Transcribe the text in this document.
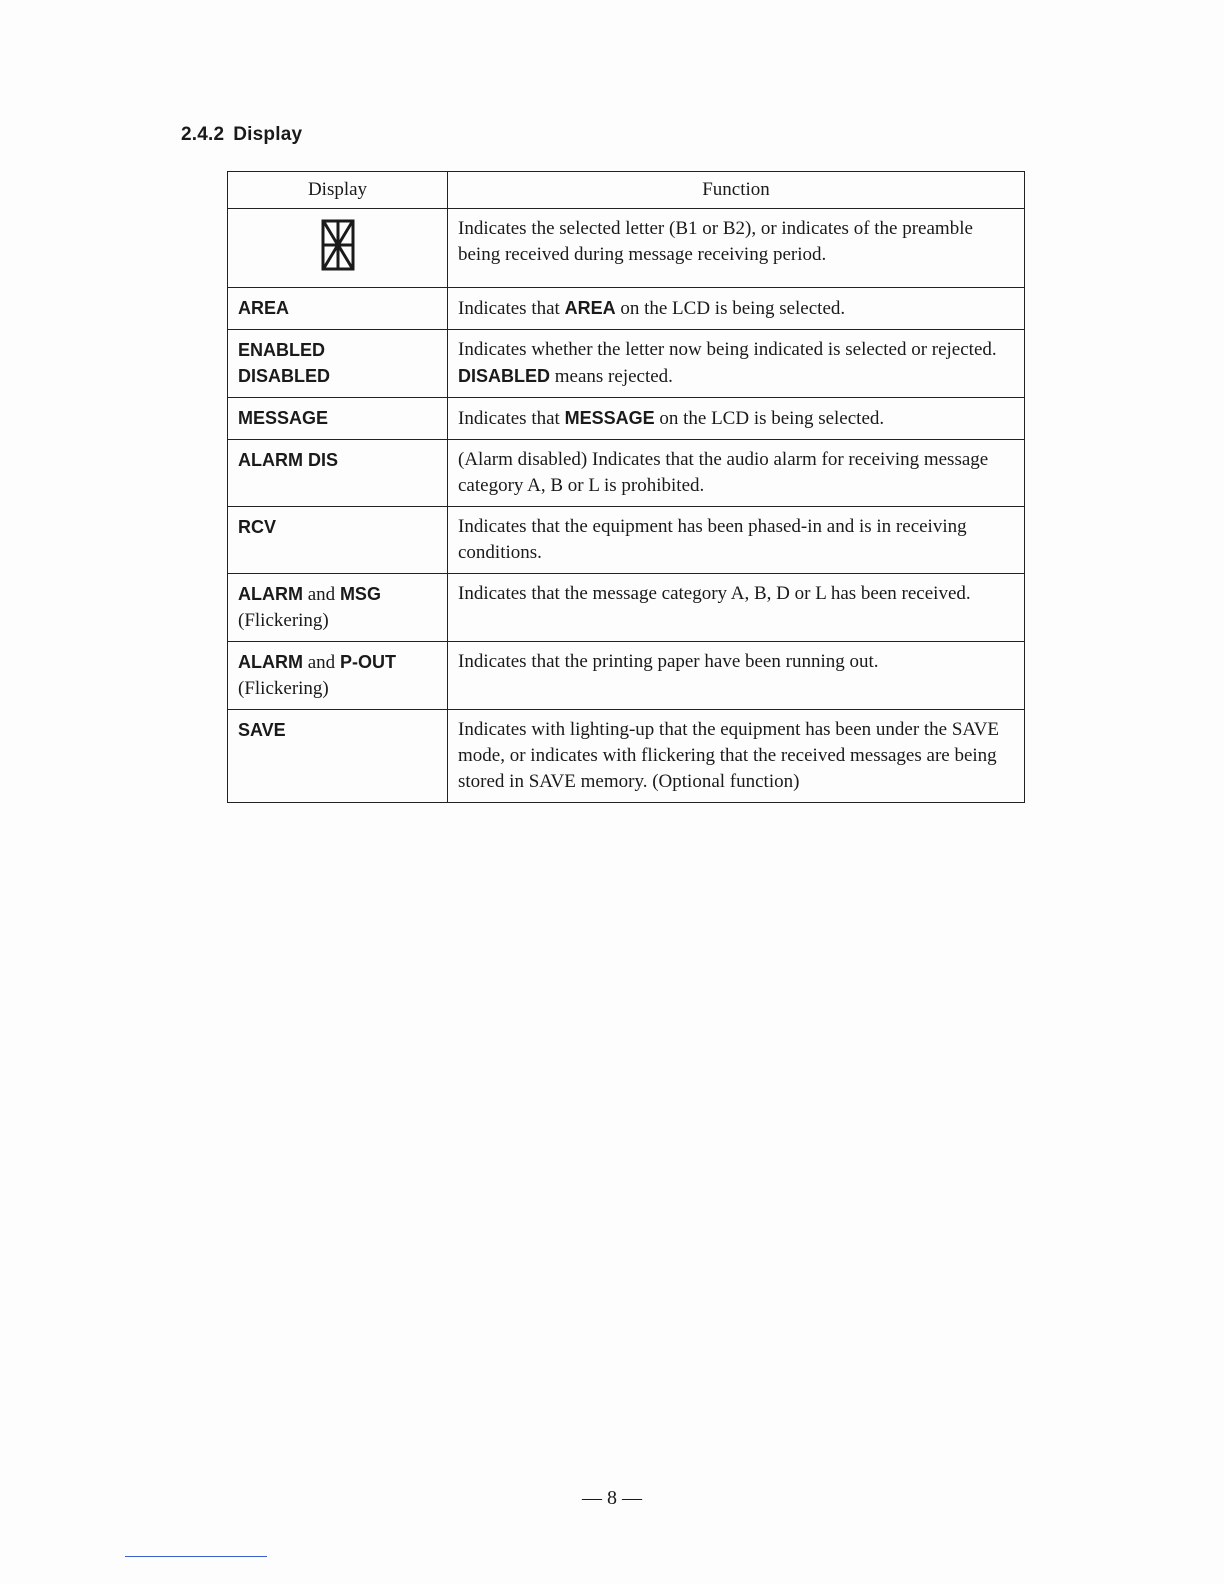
2.4.2 Display
Display	Function
	Indicates the selected letter (B1 or B2), or indicates of the preamble being received during message receiving period.

AREA	Indicates that AREA on the LCD is being selected.

ENABLED
DISABLED	Indicates whether the letter now being indicated is selected or rejected.
DISABLED means rejected.

MESSAGE	Indicates that MESSAGE on the LCD is being selected.

ALARM DIS	(Alarm disabled) Indicates that the audio alarm for receiving message category A, B or L is prohibited.

RCV	Indicates that the equipment has been phased-in and is in receiving conditions.

ALARM and MSG
(Flickering)	Indicates that the message category A, B, D or L has been received.

ALARM and P-OUT
(Flickering)	Indicates that the printing paper have been running out.

SAVE	Indicates with lighting-up that the equipment has been under the SAVE mode, or indicates with flickering that the received messages are being stored in SAVE memory. (Optional function)
— 8 —
